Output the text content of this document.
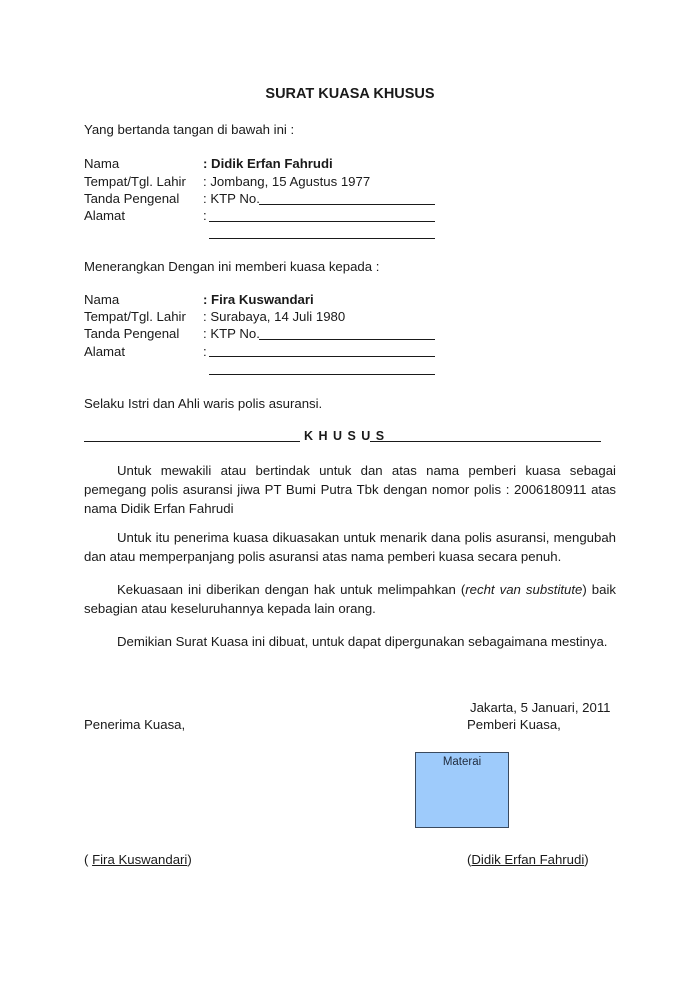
SURAT KUASA KHUSUS
Yang bertanda tangan di bawah ini :
Nama	: Didik Erfan Fahrudi
Tempat/Tgl. Lahir : Jombang, 15 Agustus 1977
Tanda Pengenal : KTP No.
Alamat	:
Menerangkan Dengan ini memberi kuasa kepada :
Nama	: Fira Kuswandari
Tempat/Tgl. Lahir : Surabaya, 14 Juli 1980
Tanda Pengenal : KTP No.
Alamat	:
Selaku Istri dan Ahli waris polis asuransi.
K H U S U S
Untuk mewakili atau bertindak untuk dan atas nama pemberi kuasa sebagai pemegang polis asuransi jiwa PT Bumi Putra Tbk dengan nomor polis : 2006180911 atas nama Didik Erfan Fahrudi
Untuk itu penerima kuasa dikuasakan untuk menarik dana polis asuransi, mengubah dan atau memperpanjang polis asuransi atas nama pemberi kuasa secara penuh.
Kekuasaan ini diberikan dengan hak untuk melimpahkan (recht van substitute) baik sebagian atau keseluruhannya kepada lain orang.
Demikian Surat Kuasa ini dibuat, untuk dapat dipergunakan sebagaimana mestinya.
Jakarta, 5 Januari, 2011
Penerima Kuasa,	Pemberi Kuasa,
Materai
( Fira Kuswandari)	(Didik Erfan Fahrudi)
